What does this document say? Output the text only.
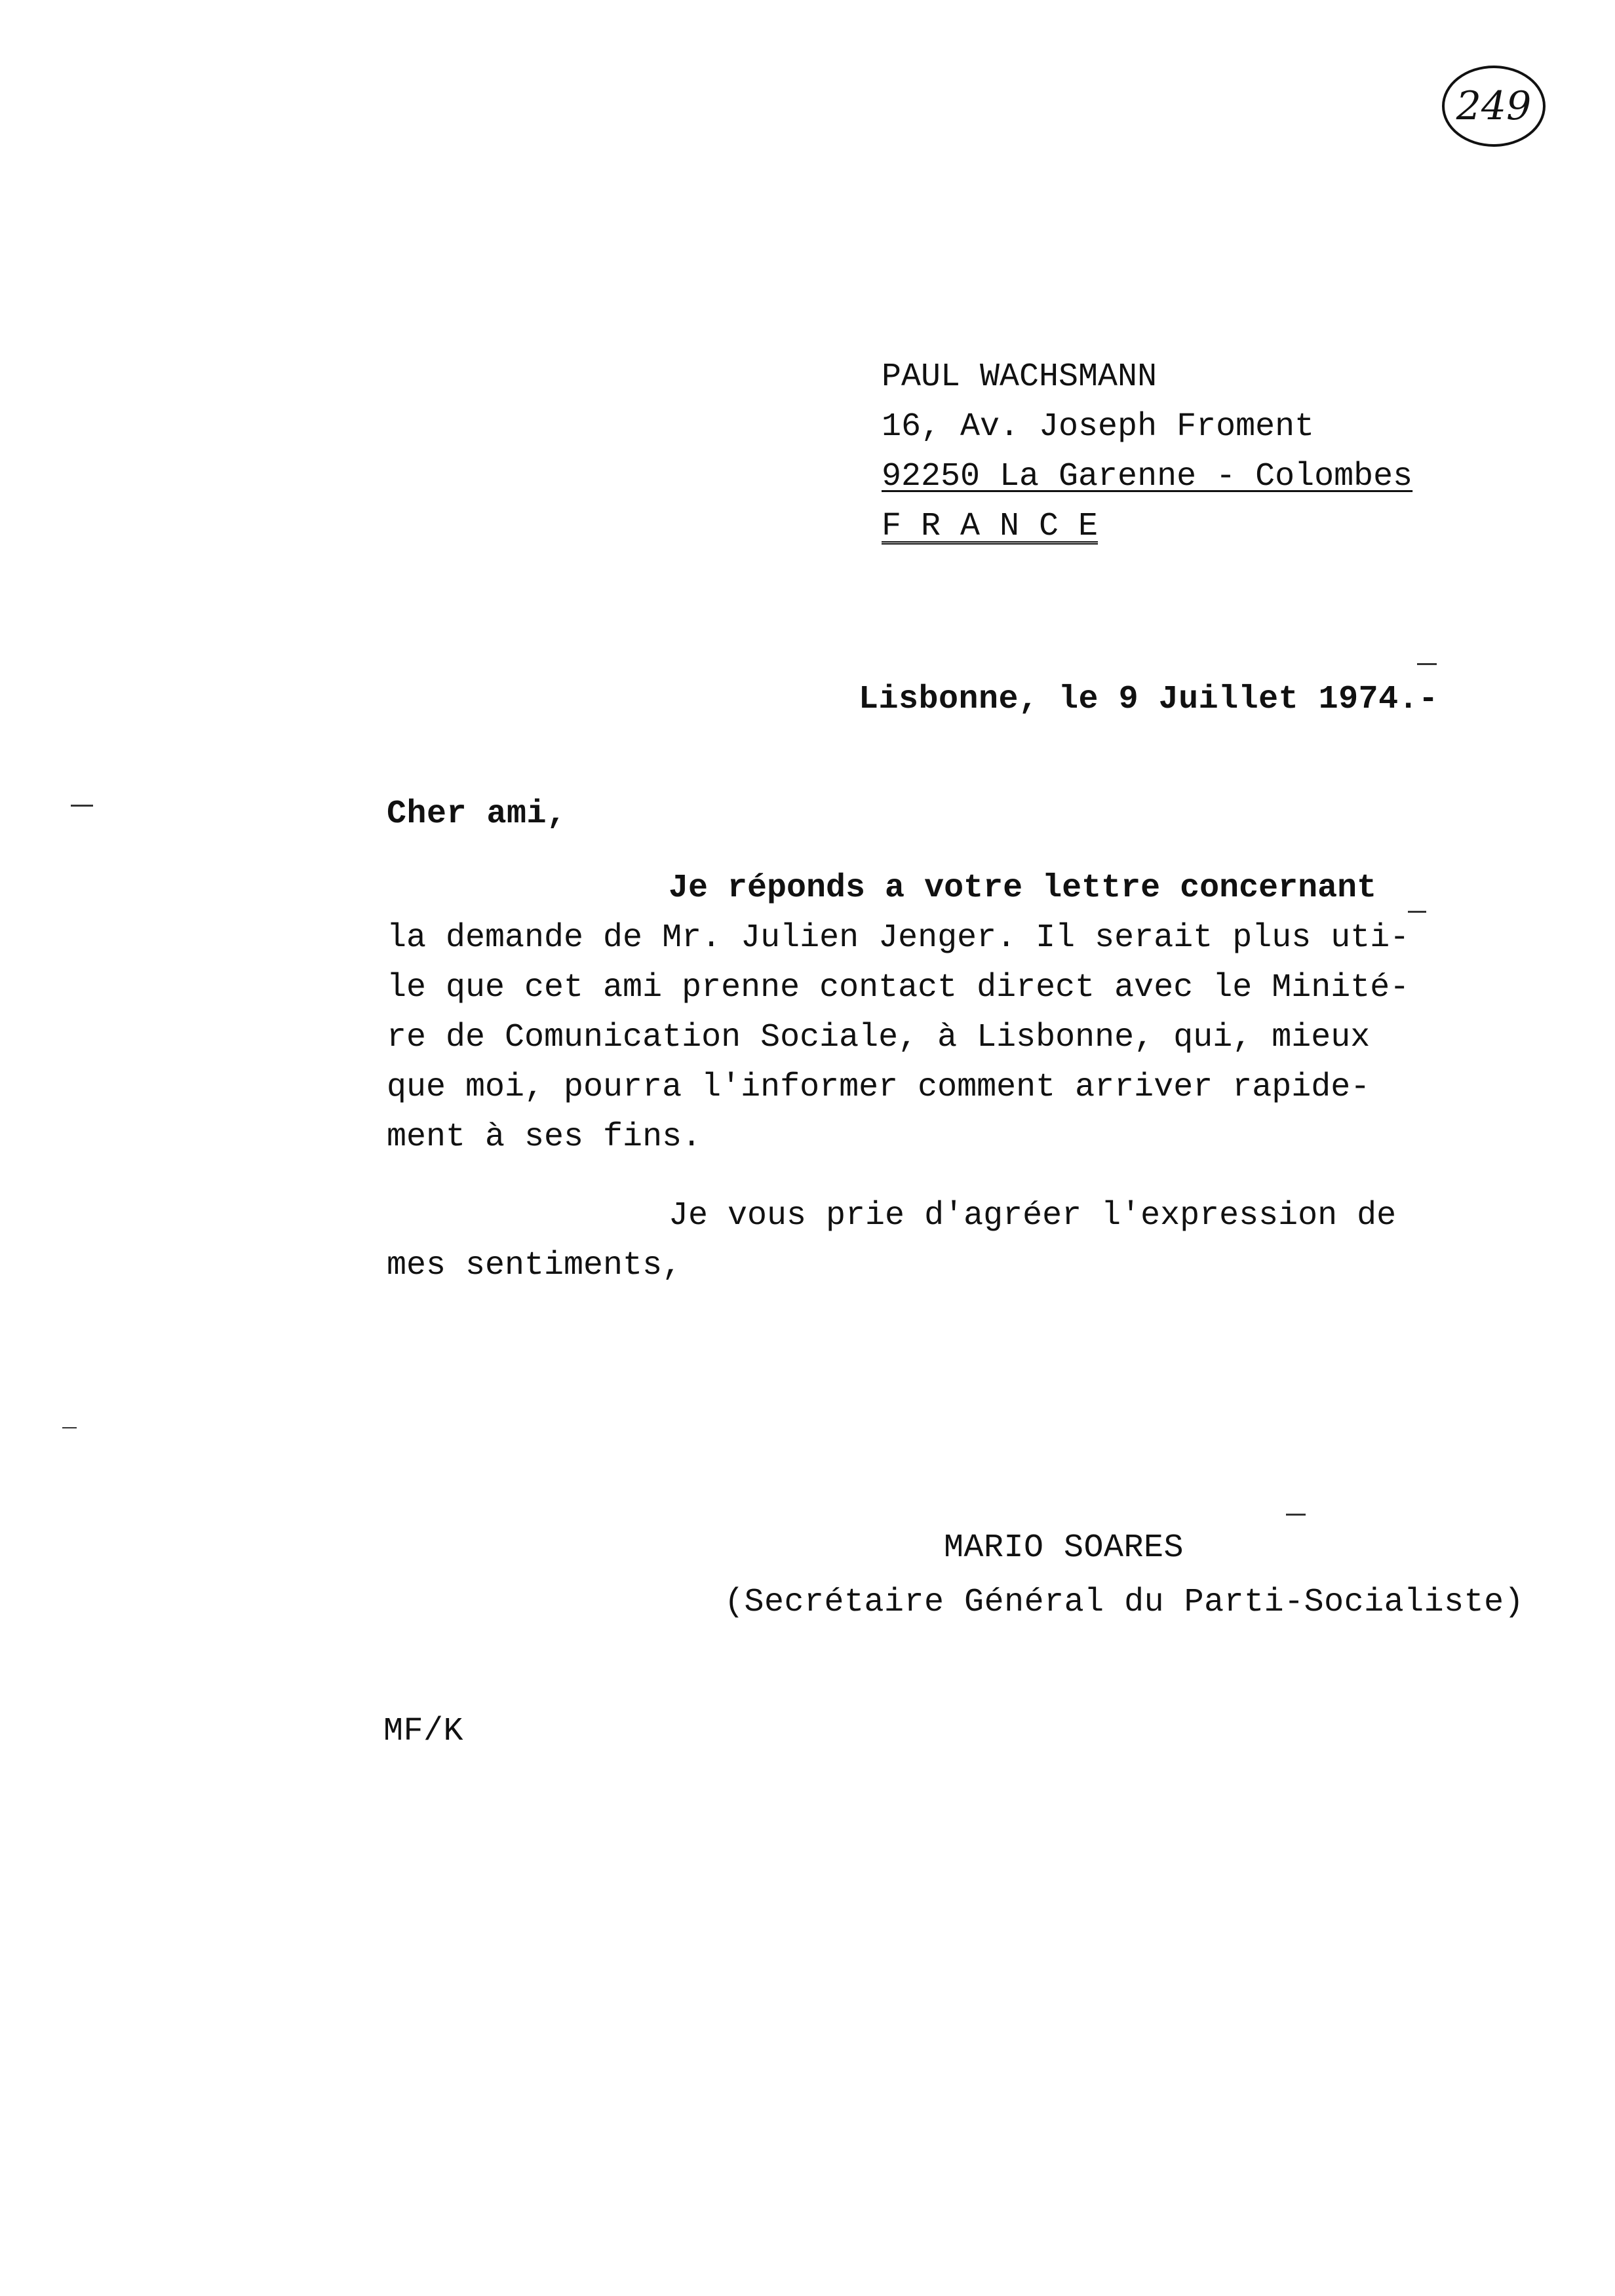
249
PAUL WACHSMANN
16, Av. Joseph Froment
92250 La Garenne - Colombes
F R A N C E
Lisbonne, le 9 Juillet 1974.-
Cher ami,
Je réponds a votre lettre concernant
la demande de Mr. Julien Jenger. Il serait plus uti-
le que cet ami prenne contact direct avec le Minité-
re de Comunication Sociale, à Lisbonne, qui, mieux
que moi, pourra l'informer comment arriver rapide-
ment à ses fins.
Je vous prie d'agréer l'expression de
mes sentiments,
MARIO SOARES
(Secrétaire Général du Parti-Socialiste)
MF/K
